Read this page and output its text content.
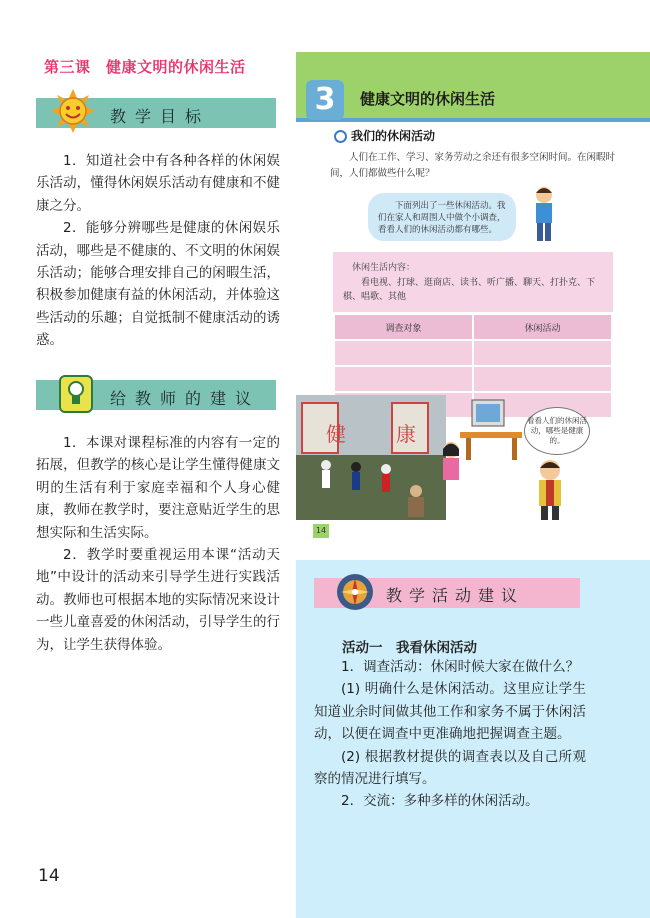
第三课　健康文明的休闲生活
教学目标

1．知道社会中有各种各样的休闲娱乐活动，懂得休闲娱乐活动有健康和不健康之分。

2．能够分辨哪些是健康的休闲娱乐活动，哪些是不健康的、不文明的休闲娱乐活动；能够合理安排自己的闲暇生活，积极参加健康有益的休闲活动，并体验这些活动的乐趣；自觉抵制不健康活动的诱惑。

给教师的建议

1．本课对课程标准的内容有一定的拓展，但教学的核心是让学生懂得健康文明的生活有利于家庭幸福和个人身心健康，教师在教学时，要注意贴近学生的思想实际和生活实际。

2．教学时要重视运用本课“活动天地”中设计的活动来引导学生进行实践活动。教师也可根据本地的实际情况来设计一些儿童喜爱的休闲活动，引导学生的行为，让学生获得体验。

14
3	健康文明的休闲生活
我们的休闲活动
人们在工作、学习、家务劳动之余还有很多空闲时间。在闲暇时间，人们都做些什么呢？
下面列出了一些休闲活动。我们在家人和周围人中做个小调查，看看人们的休闲活动都有哪些。
休闲生活内容：
看电视、打球、逛商店、读书、听广播、聊天、打扑克、下棋、唱歌、其他
调查对象	休闲活动

健	康
看看人们的休闲活动，哪些是健康的。
14
教学活动建议
活动一　我看休闲活动

1．调查活动：休闲时候大家在做什么？

(1) 明确什么是休闲活动。这里应让学生知道业余时间做其他工作和家务不属于休闲活动，以便在调查中更准确地把握调查主题。

(2) 根据教材提供的调查表以及自己所观察的情况进行填写。

2．交流：多种多样的休闲活动。
